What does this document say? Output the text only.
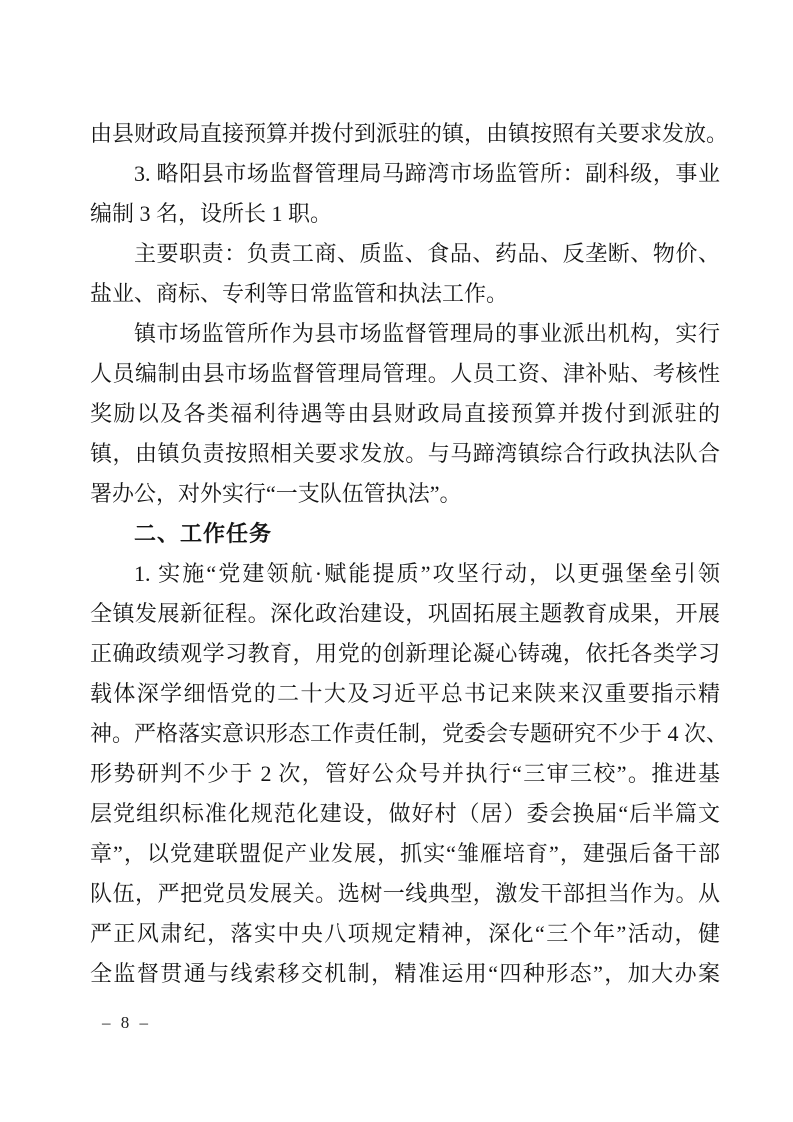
由县财政局直接预算并拨付到派驻的镇，由镇按照有关要求发放。
3. 略阳县市场监督管理局马蹄湾市场监管所：副科级，事业
编制 3 名，设所长 1 职。
主要职责：负责工商、质监、食品、药品、反垄断、物价、
盐业、商标、专利等日常监管和执法工作。
镇市场监管所作为县市场监督管理局的事业派出机构，实行
人员编制由县市场监督管理局管理。人员工资、津补贴、考核性
奖励以及各类福利待遇等由县财政局直接预算并拨付到派驻的
镇，由镇负责按照相关要求发放。与马蹄湾镇综合行政执法队合
署办公，对外实行“一支队伍管执法”。
二、工作任务
1. 实施“党建领航·赋能提质”攻坚行动，以更强堡垒引领
全镇发展新征程。深化政治建设，巩固拓展主题教育成果，开展
正确政绩观学习教育，用党的创新理论凝心铸魂，依托各类学习
载体深学细悟党的二十大及习近平总书记来陕来汉重要指示精
神。严格落实意识形态工作责任制，党委会专题研究不少于 4 次、
形势研判不少于 2 次，管好公众号并执行“三审三校”。推进基
层党组织标准化规范化建设，做好村（居）委会换届“后半篇文
章”，以党建联盟促产业发展，抓实“雏雁培育”，建强后备干部
队伍，严把党员发展关。选树一线典型，激发干部担当作为。从
严正风肃纪，落实中央八项规定精神，深化“三个年”活动，健
全监督贯通与线索移交机制，精准运用“四种形态”，加大办案
– 8 –
